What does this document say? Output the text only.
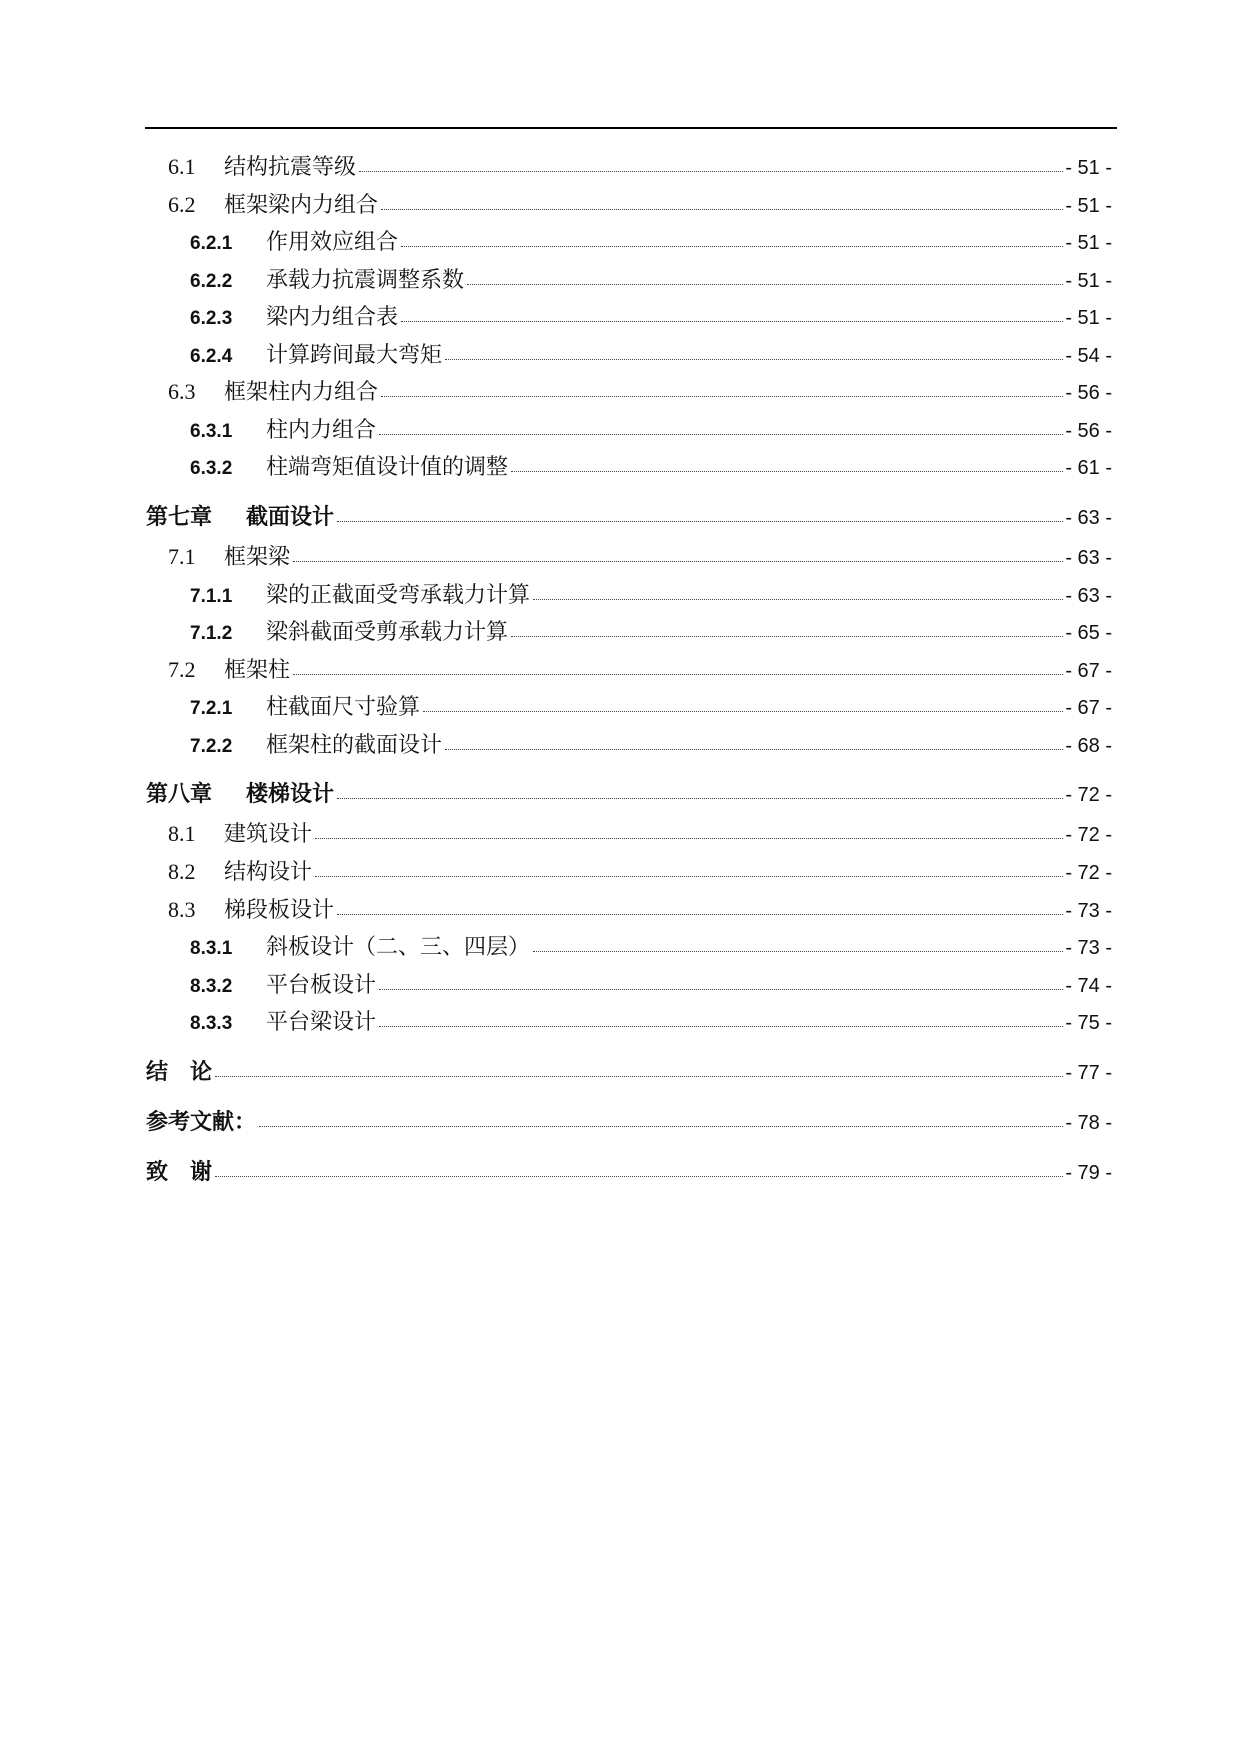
6.1	结构抗震等级	- 51 -
6.2	框架梁内力组合	- 51 -
6.2.1	作用效应组合	- 51 -
6.2.2	承载力抗震调整系数	- 51 -
6.2.3	梁内力组合表	- 51 -
6.2.4	计算跨间最大弯矩	- 54 -
6.3	框架柱内力组合	- 56 -
6.3.1	柱内力组合	- 56 -
6.3.2	柱端弯矩值设计值的调整	- 61 -
第七章	截面设计	- 63 -
7.1	框架梁	- 63 -
7.1.1	梁的正截面受弯承载力计算	- 63 -
7.1.2	梁斜截面受剪承载力计算	- 65 -
7.2	框架柱	- 67 -
7.2.1	柱截面尺寸验算	- 67 -
7.2.2	框架柱的截面设计	- 68 -
第八章	楼梯设计	- 72 -
8.1	建筑设计	- 72 -
8.2	结构设计	- 72 -
8.3	梯段板设计	- 73 -
8.3.1	斜板设计（二、三、四层）	- 73 -
8.3.2	平台板设计	- 74 -
8.3.3	平台梁设计	- 75 -
结　论	- 77 -
参考文献：	- 78 -
致　谢	- 79 -
